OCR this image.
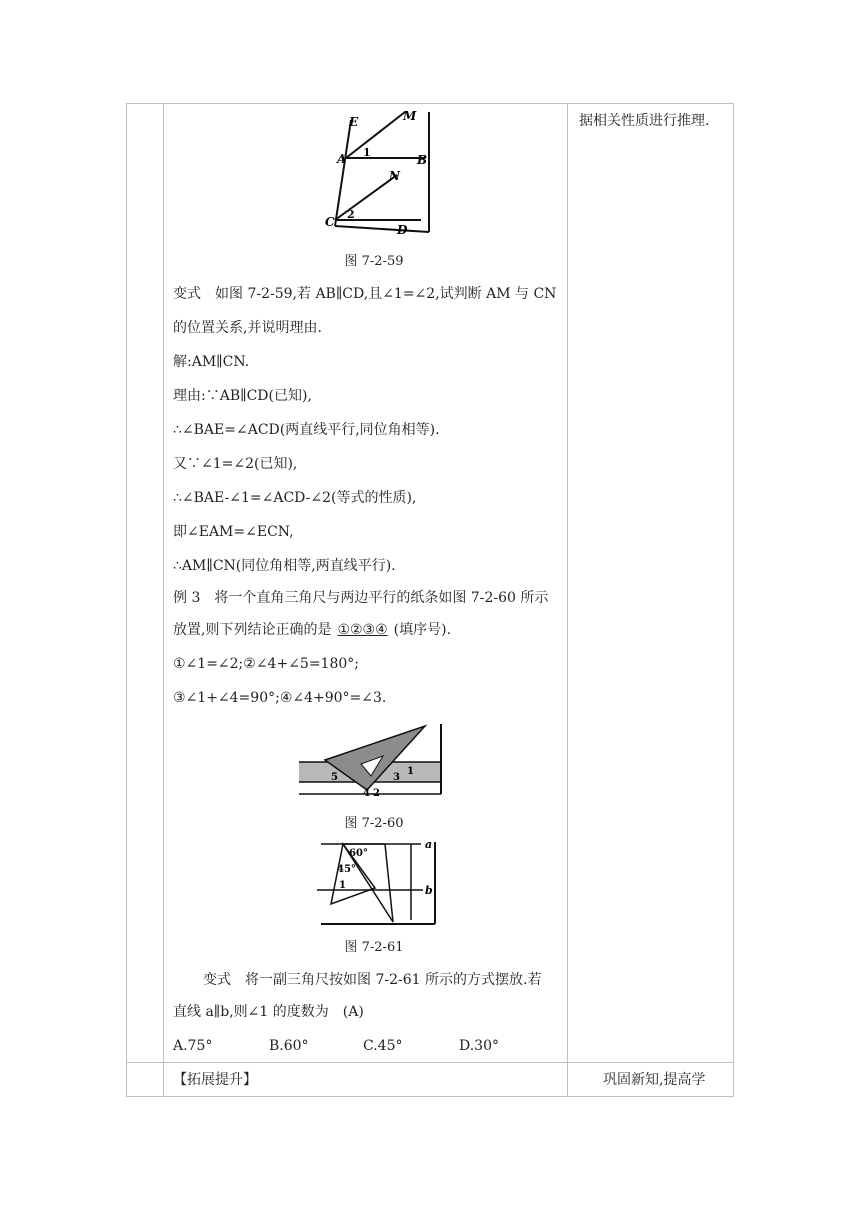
据相关性质进行推理.
E	M
A 1
B
N
C
2
D
图 7-2-59
变式　如图 7-2-59,若 AB∥CD,且∠1=∠2,试判断 AM 与 CN
的位置关系,并说明理由.
解:AM∥CN.
理由:∵AB∥CD(已知),
∴∠BAE=∠ACD(两直线平行,同位角相等).
又∵∠1=∠2(已知),
∴∠BAE-∠1=∠ACD-∠2(等式的性质),
即∠EAM=∠ECN,
∴AM∥CN(同位角相等,两直线平行).
例 3　将一个直角三角尺与两边平行的纸条如图 7-2-60 所示
放置,则下列结论正确的是 ①②③④ (填序号).
①∠1=∠2;②∠4+∠5=180°;
③∠1+∠4=90°;④∠4+90°=∠3.
1
2
3
4
5
图 7-2-60
a
b
60°
45°
1
图 7-2-61
变式　将一副三角尺按如图 7-2-61 所示的方式摆放.若
直线 a∥b,则∠1 的度数为　(A)
A.75°	B.60°	C.45°	D.30°
【拓展提升】	巩固新知,提高学
